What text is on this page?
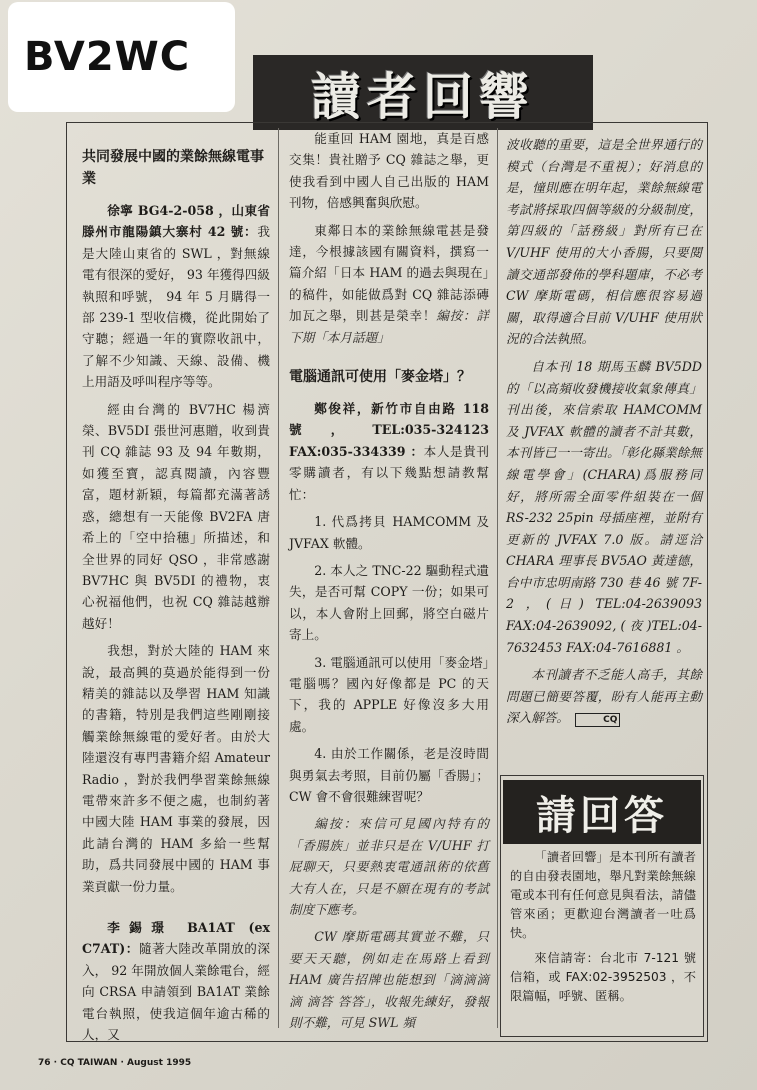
BV2WC
讀者回響
共同發展中國的業餘無線電事業

徐寧 BG4-2-058 ，山東省滕州市龍陽鎮大寨村 42 號：我是大陸山東省的 SWL ，對無線電有很深的愛好， 93 年獲得四級執照和呼號， 94 年 5 月購得一部 239-1 型收信機，從此開始了守聽；經過一年的實際收訊中，了解不少知識、天線、設備、機上用語及呼叫程序等等。

經由台灣的 BV7HC 楊濟榮、BV5DI 張世河惠贈，收到貴刊 CQ 雜誌 93 及 94 年數期，如獲至寶，認真閱讀，內容豐富，題材新穎，每篇都充滿著誘惑，總想有一天能像 BV2FA 唐希上的「空中拾穗」所描述，和全世界的同好 QSO ，非常感謝 BV7HC 與 BV5DI 的禮物，衷心祝福他們，也祝 CQ 雜誌越辦越好！

我想，對於大陸的 HAM 來說，最高興的莫過於能得到一份精美的雜誌以及學習 HAM 知識的書籍，特別是我們這些剛剛接觸業餘無線電的愛好者。由於大陸還沒有專門書籍介紹 Amateur Radio ，對於我們學習業餘無線電帶來許多不便之處，也制約著中國大陸 HAM 事業的發展，因此請台灣的 HAM 多給一些幫助，爲共同發展中國的 HAM 事業貢獻一份力量。

李錫璟 BA1AT (ex C7AT)：隨著大陸改革開放的深入， 92 年開放個人業餘電台，經向 CRSA 申請領到 BA1AT 業餘電台執照，使我這個年逾古稀的人，又

能重回 HAM 園地，真是百感交集！貴社贈予 CQ 雜誌之舉，更使我看到中國人自己出版的 HAM 刊物，倍感興奮與欣慰。

東鄰日本的業餘無線電甚是發達，今根據該國有關資料，撰寫一篇介紹「日本 HAM 的過去與現在」的稿件，如能做爲對 CQ 雜誌添磚加瓦之舉，則甚是榮幸！編按：詳下期「本月話題」

電腦通訊可使用「麥金塔」？

鄭俊祥，新竹市自由路 118 號，TEL:035-324123 FAX:035-334339 ：本人是貴刊零購讀者，有以下幾點想請教幫忙：

1. 代爲拷貝 HAMCOMM 及 JVFAX 軟體。

2. 本人之 TNC-22 驅動程式遺失，是否可幫 COPY 一份；如果可以，本人會附上回郵，將空白磁片寄上。

3. 電腦通訊可以使用「麥金塔」電腦嗎？國內好像都是 PC 的天下，我的 APPLE 好像沒多大用處。

4. 由於工作關係，老是沒時間與勇氣去考照，目前仍屬「香腸」；CW 會不會很難練習呢？

編按：來信可見國內特有的「香腸族」並非只是在 V/UHF 打屁聊天，只要熱衷電通訊術的依舊大有人在，只是不願在現有的考試制度下應考。

CW 摩斯電碼其實並不難，只要天天聽，例如走在馬路上看到 HAM 廣告招牌也能想到「滴滴滴滴 滴答 答答」，收報先練好，發報則不難，可見 SWL 頻

波收聽的重要，這是全世界通行的模式（台灣是不重視）；好消息的是，憧則應在明年起，業餘無線電考試將採取四個等級的分級制度，第四級的「話務級」對所有已在 V/UHF 使用的大小香腸，只要閱讀交通部發佈的學科題庫，不必考 CW 摩斯電碼，相信應很容易過關，取得適合目前 V/UHF 使用狀況的合法執照。

自本刊 18 期馬玉麟 BV5DD 的「以高頻收發機接收氣象傳真」刊出後，來信索取 HAMCOMM 及 JVFAX 軟體的讀者不計其數，本刊皆已一一寄出。「彰化縣業餘無線電學會」(CHARA)爲服務同好，將所需全面零件組裝在一個 RS-232 25pin 母插座裡，並附有更新的 JVFAX 7.0 版。請逕洽 CHARA 理事長 BV5AO 黃達德，台中市忠明南路 730 巷 46 號 7F-2 ，(日) TEL:04-2639093 FAX:04-2639092, ( 夜 )TEL:04-7632453 FAX:04-7616881 。

本刊讀者不乏能人高手，其餘問題已簡要答覆，盼有人能再主動深入解答。	CQ

請回答

「讀者回響」是本刊所有讀者的自由發表園地，舉凡對業餘無線電或本刊有任何意見與看法，請儘管來函；更歡迎台灣讀者一吐爲快。

來信請寄：台北市 7-121 號信箱，或 FAX:02-3952503 ，不限篇幅，呼號、匿稱。

76 · CQ TAIWAN · August 1995
